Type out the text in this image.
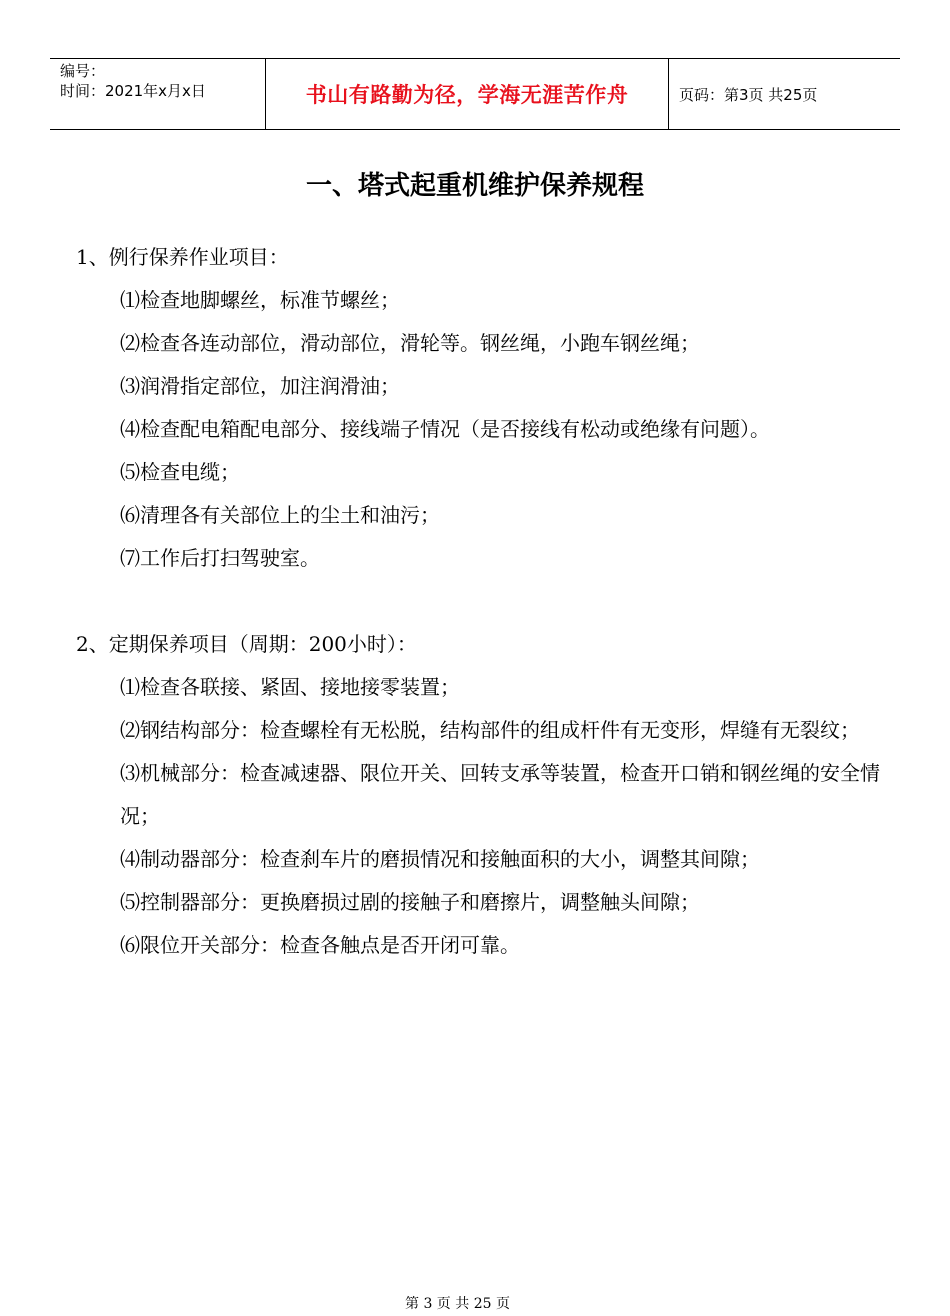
编号：
时间：2021年x月x日	书山有路勤为径，学海无涯苦作舟	页码：第3页 共25页
一、塔式起重机维护保养规程

1、例行保养作业项目：

⑴检查地脚螺丝，标准节螺丝；

⑵检查各连动部位，滑动部位，滑轮等。钢丝绳，小跑车钢丝绳；

⑶润滑指定部位，加注润滑油；

⑷检查配电箱配电部分、接线端子情况（是否接线有松动或绝缘有问题）。

⑸检查电缆；

⑹清理各有关部位上的尘土和油污；

⑺工作后打扫驾驶室。

2、定期保养项目（周期：200小时）：

⑴检查各联接、紧固、接地接零装置；

⑵钢结构部分：检查螺栓有无松脱，结构部件的组成杆件有无变形，焊缝有无裂纹；

⑶机械部分：检查减速器、限位开关、回转支承等装置，检查开口销和钢丝绳的安全情况；

⑷制动器部分：检查刹车片的磨损情况和接触面积的大小，调整其间隙；

⑸控制器部分：更换磨损过剧的接触子和磨擦片，调整触头间隙；

⑹限位开关部分：检查各触点是否开闭可靠。

第 3 页 共 25 页
